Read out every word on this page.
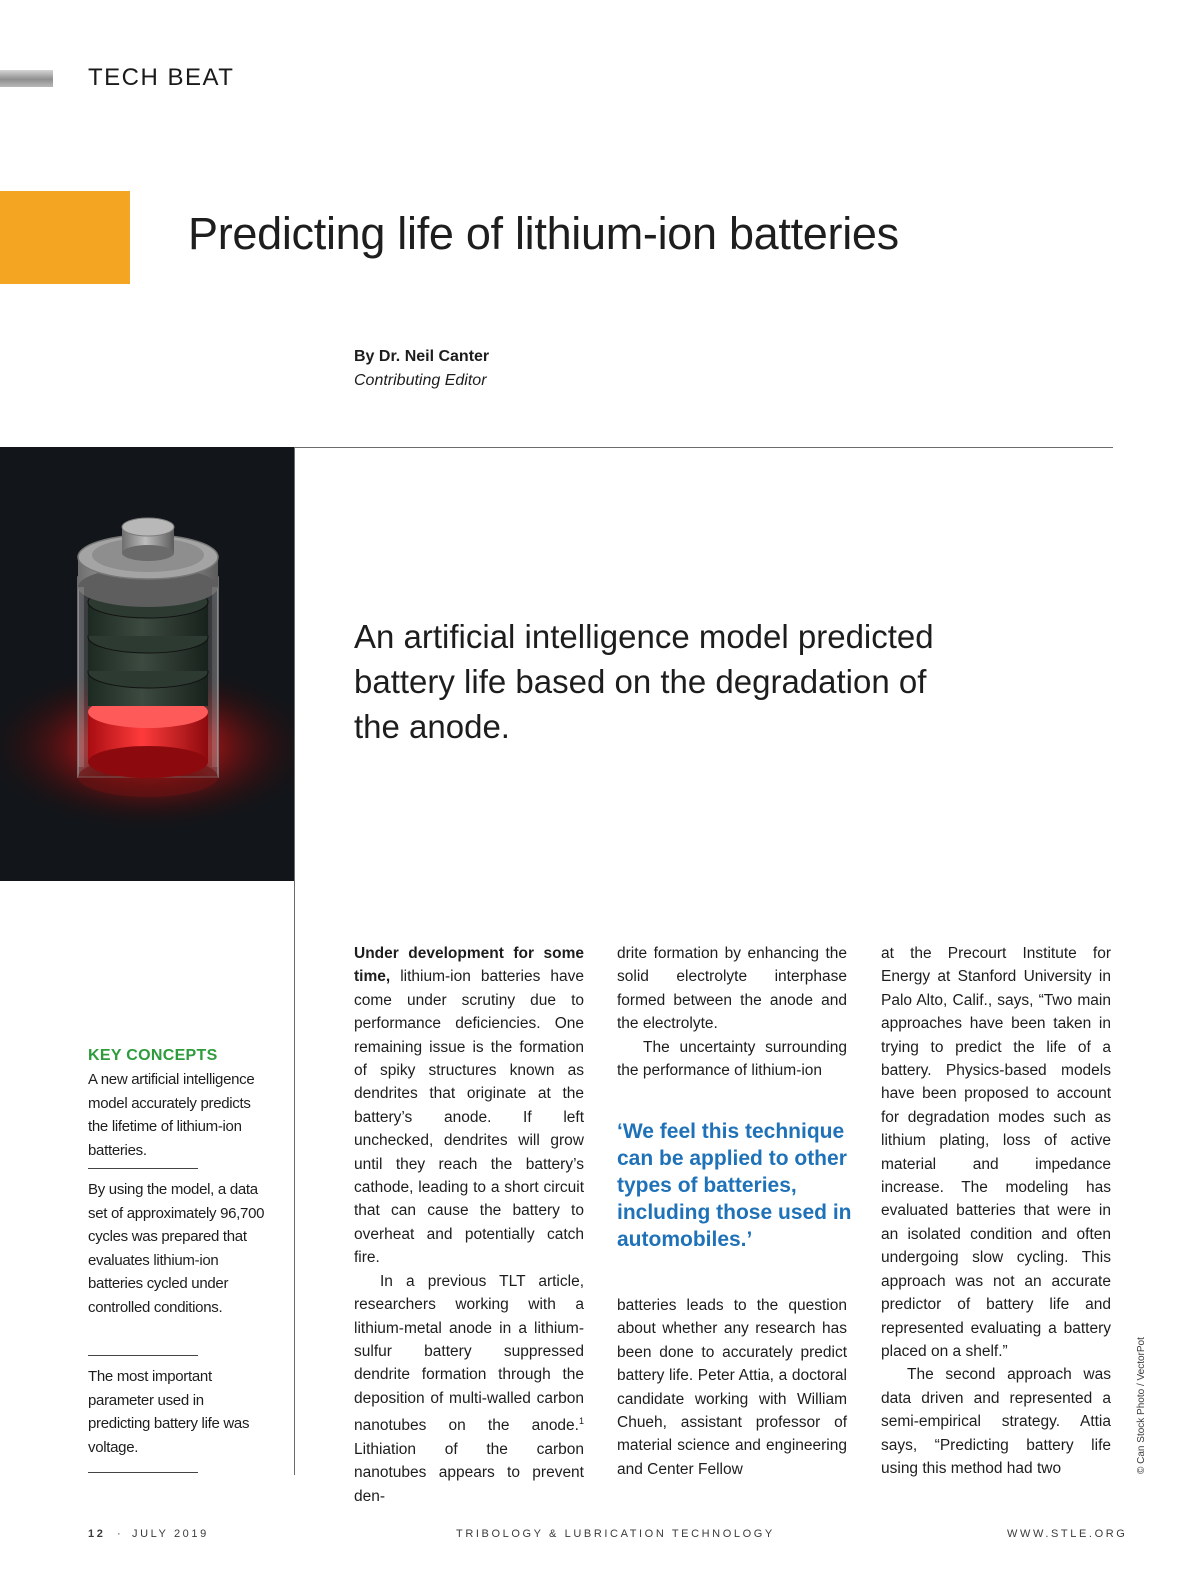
TECH BEAT
Predicting life of lithium-ion batteries
By Dr. Neil Canter
Contributing Editor
An artificial intelligence model predicted battery life based on the degradation of the anode.
KEY CONCEPTS
A new artificial intelligence model accurately predicts the lifetime of lithium-ion batteries.
By using the model, a data set of approximately 96,700 cycles was prepared that evaluates lithium-ion batteries cycled under controlled conditions.
The most important parameter used in predicting battery life was voltage.

Under development for some time, lithium-ion batteries have come under scrutiny due to performance deficiencies. One remaining issue is the formation of spiky structures known as dendrites that originate at the battery’s anode. If left unchecked, dendrites will grow until they reach the battery’s cathode, leading to a short circuit that can cause the battery to overheat and potentially catch fire.

In a previous TLT article, researchers working with a lithium-metal anode in a lithium-sulfur battery suppressed dendrite formation through the deposition of multi-walled carbon nanotubes on the anode.$^1$ Lithiation of the carbon nanotubes appears to prevent den-

drite formation by enhancing the solid electrolyte interphase formed between the anode and the electrolyte.

The uncertainty surrounding the performance of lithium-ion

‘We feel this technique can be applied to other types of batteries, including those used in automobiles.’

batteries leads to the question about whether any research has been done to accurately predict battery life. Peter Attia, a doctoral candidate working with William Chueh, assistant professor of material science and engineering and Center Fellow

at the Precourt Institute for Energy at Stanford University in Palo Alto, Calif., says, “Two main approaches have been taken in trying to predict the life of a battery. Physics-based models have been proposed to account for degradation modes such as lithium plating, loss of active material and impedance increase. The modeling has evaluated batteries that were in an isolated condition and often undergoing slow cycling. This approach was not an accurate predictor of battery life and represented evaluating a battery placed on a shelf.”

The second approach was data driven and represented a semi-empirical strategy. Attia says, “Predicting battery life using this method had two	© Can Stock Photo / VectorPot
12 · JULY 2019	TRIBOLOGY & LUBRICATION TECHNOLOGY	WWW.STLE.ORG
